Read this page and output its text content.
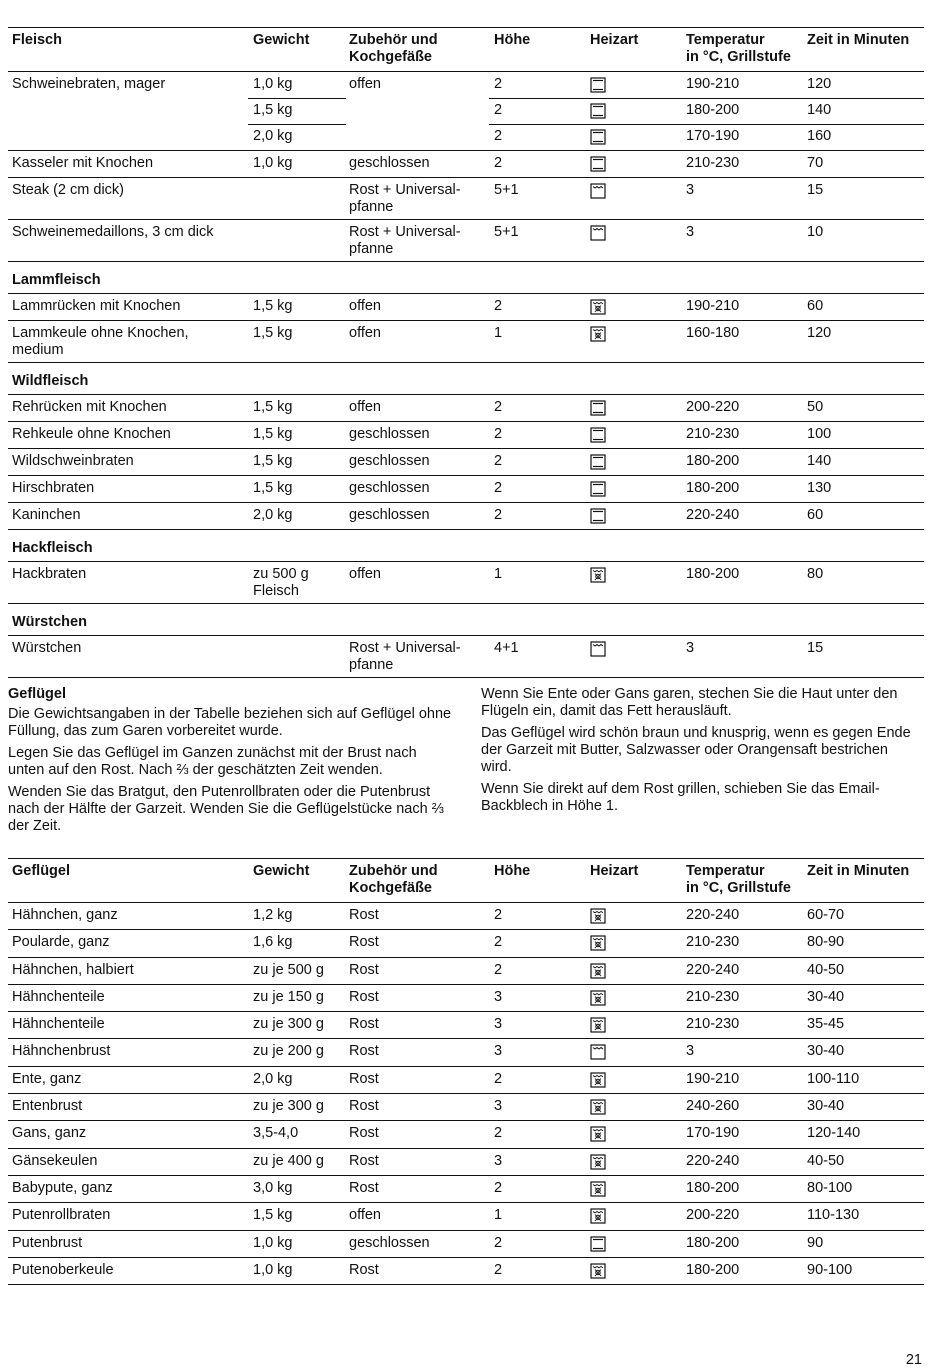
Fleisch	Gewicht	Zubehör und
Kochgefäße
Höhe	Heizart	Temperatur
in °C, Grillstufe
Zeit in Minuten
Schweinebraten, mager	1,0 kg	offen	2	190-210	120
1,5 kg	2	180-200	140
2,0 kg	2	170-190	160
Kasseler mit Knochen	1,0 kg	geschlossen	2	210-230	70
Steak (2 cm dick)	Rost + Universal-
pfanne
5+1	3	15
Schweinemedaillons, 3 cm dick	Rost + Universal-
pfanne
5+1	3	10
Lammfleisch
Lammrücken mit Knochen	1,5 kg	offen	2	190-210	60
Lammkeule ohne Knochen,
medium
1,5 kg	offen	1	160-180	120
Wildfleisch
Rehrücken mit Knochen	1,5 kg	offen	2	200-220	50
Rehkeule ohne Knochen	1,5 kg	geschlossen	2	210-230	100
Wildschweinbraten	1,5 kg	geschlossen	2	180-200	140
Hirschbraten	1,5 kg	geschlossen	2	180-200	130
Kaninchen	2,0 kg	geschlossen	2	220-240	60
Hackfleisch
Hackbraten	zu 500 g
Fleisch
offen	1	180-200	80
Würstchen
Würstchen	Rost + Universal-
pfanne
4+1	3	15
Geflügel

Die Gewichtsangaben in der Tabelle beziehen sich auf Geflügel ohne Füllung, das zum Garen vorbereitet wurde.

Legen Sie das Geflügel im Ganzen zunächst mit der Brust nach unten auf den Rost. Nach ⅔ der geschätzten Zeit wenden.

Wenden Sie das Bratgut, den Putenrollbraten oder die Putenbrust nach der Hälfte der Garzeit. Wenden Sie die Geflügelstücke nach ⅔ der Zeit.

Wenn Sie Ente oder Gans garen, stechen Sie die Haut unter den Flügeln ein, damit das Fett herausläuft.

Das Geflügel wird schön braun und knusprig, wenn es gegen Ende der Garzeit mit Butter, Salzwasser oder Orangensaft bestrichen wird.

Wenn Sie direkt auf dem Rost grillen, schieben Sie das Email-Backblech in Höhe 1.

Geflügel	Gewicht	Zubehör und
Kochgefäße
Höhe	Heizart	Temperatur
in °C, Grillstufe
Zeit in Minuten
Hähnchen, ganz	1,2 kg	Rost	2	220-240	60-70
Poularde, ganz	1,6 kg	Rost	2	210-230	80-90
Hähnchen, halbiert	zu je 500 g Rost	2	220-240	40-50
Hähnchenteile	zu je 150 g Rost	3	210-230	30-40
Hähnchenteile	zu je 300 g Rost	3	210-230	35-45
Hähnchenbrust	zu je 200 g Rost	3	3	30-40
Ente, ganz	2,0 kg	Rost	2	190-210	100-110
Entenbrust	zu je 300 g Rost	3	240-260	30-40
Gans, ganz	3,5-4,0	Rost	2	170-190	120-140
Gänsekeulen	zu je 400 g Rost	3	220-240	40-50
Babypute, ganz	3,0 kg	Rost	2	180-200	80-100
Putenrollbraten	1,5 kg	offen	1	200-220	110-130
Putenbrust	1,0 kg	geschlossen	2	180-200	90
Putenoberkeule	1,0 kg	Rost	2	180-200	90-100
21
